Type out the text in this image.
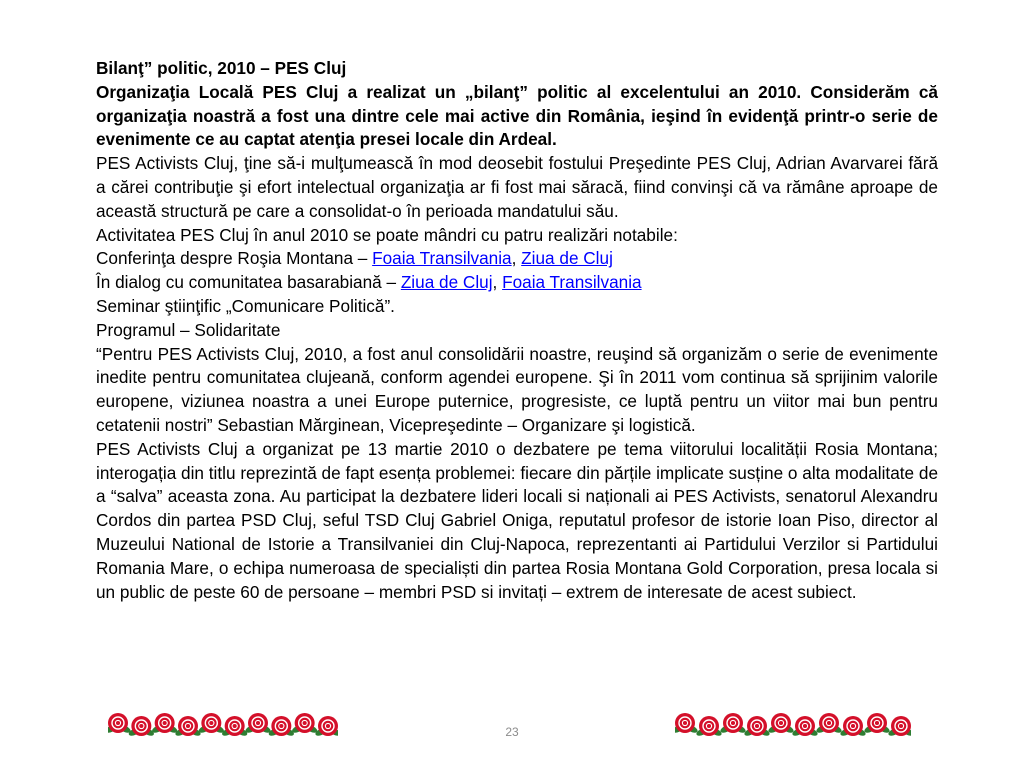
Bilanţ” politic, 2010 – PES Cluj

Organizaţia Locală PES Cluj a realizat un „bilanţ” politic al excelentului an 2010. Considerăm că organizaţia noastră a fost una dintre cele mai active din România, ieşind în evidenţă printr-o serie de evenimente ce au captat atenţia presei locale din Ardeal.

PES Activists Cluj, ţine să-i mulţumească în mod deosebit fostului Preşedinte PES Cluj, Adrian Avarvarei fără a cărei contribuţie şi efort intelectual organizaţia ar fi fost mai săracă, fiind convinşi că va rămâne aproape de această structură pe care a consolidat-o în perioada mandatului său.

Activitatea PES Cluj în anul 2010 se poate mândri cu patru realizări notabile:

Conferinţa despre Roşia Montana – Foaia Transilvania, Ziua de Cluj

În dialog cu comunitatea basarabiană – Ziua de Cluj, Foaia Transilvania

Seminar ştiinţific „Comunicare Politică”.

Programul – Solidaritate

“Pentru PES Activists Cluj, 2010, a fost anul consolidării noastre, reuşind să organizăm o serie de evenimente inedite pentru comunitatea clujeană, conform agendei europene. Şi în 2011 vom continua să sprijinim valorile europene, viziunea noastra a unei Europe puternice, progresiste, ce luptă pentru un viitor mai bun pentru cetatenii nostri” Sebastian Mărginean, Vicepreşedinte – Organizare şi logistică.

PES Activists Cluj a organizat pe 13 martie 2010 o dezbatere pe tema viitorului localității Rosia Montana; interogația din titlu reprezintă de fapt esența problemei: fiecare din părțile implicate susține o alta modalitate de a “salva” aceasta zona. Au participat la dezbatere lideri locali si naționali ai PES Activists, senatorul Alexandru Cordos din partea PSD Cluj, seful TSD Cluj Gabriel Oniga, reputatul profesor de istorie Ioan Piso, director al Muzeului National de Istorie a Transilvaniei din Cluj-Napoca, reprezentanti ai Partidului Verzilor si Partidului Romania Mare, o echipa numeroasa de specialiști din partea Rosia Montana Gold Corporation, presa locala si un public de peste 60 de persoane – membri PSD si invitați – extrem de interesate de acest subiect.

23
